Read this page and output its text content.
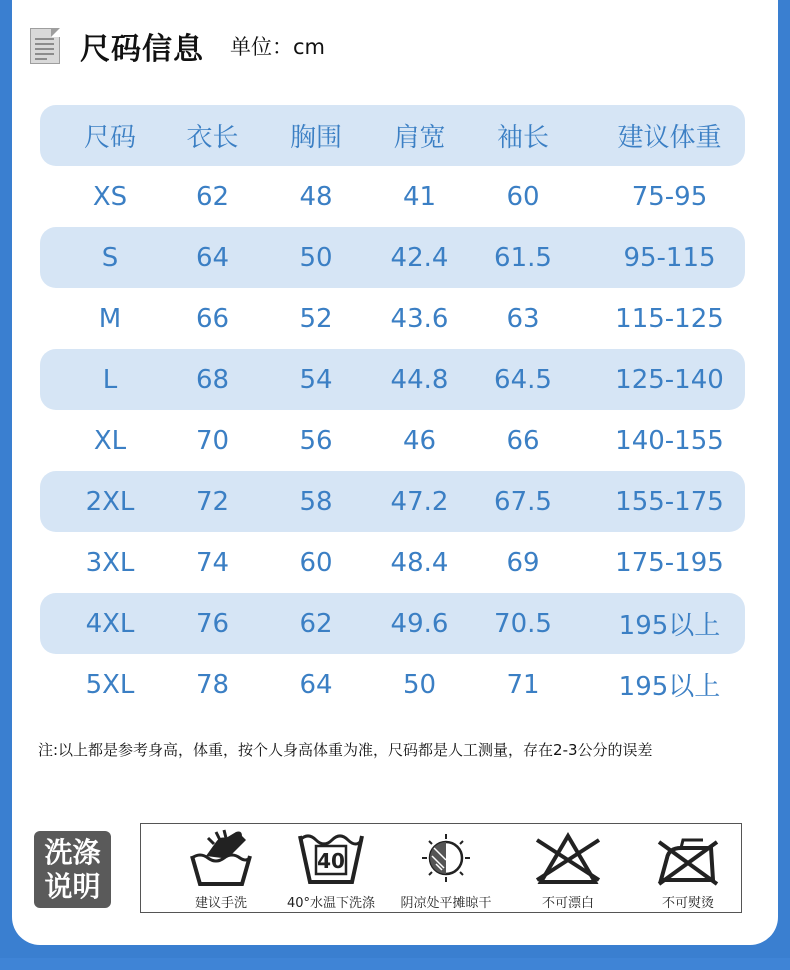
尺码信息 单位：cm
尺码	衣长	胸围	肩宽	袖长	建议体重
XS	62	48	41	60	75-95
S	64	50	42.4	61.5	95-115
M	66	52	43.6	63	115-125
L	68	54	44.8	64.5	125-140
XL	70	56	46	66	140-155
2XL	72	58	47.2	67.5	155-175
3XL	74	60	48.4	69	175-195
4XL	76	62	49.6	70.5	195以上
5XL	78	64	50	71	195以上
注:以上都是参考身高，体重，按个人身高体重为准，尺码都是人工测量，存在2-3公分的误差
洗涤
说明
建议手洗
40
40°水温下洗涤	阴凉处平摊晾干	不可漂白	不可熨烫
